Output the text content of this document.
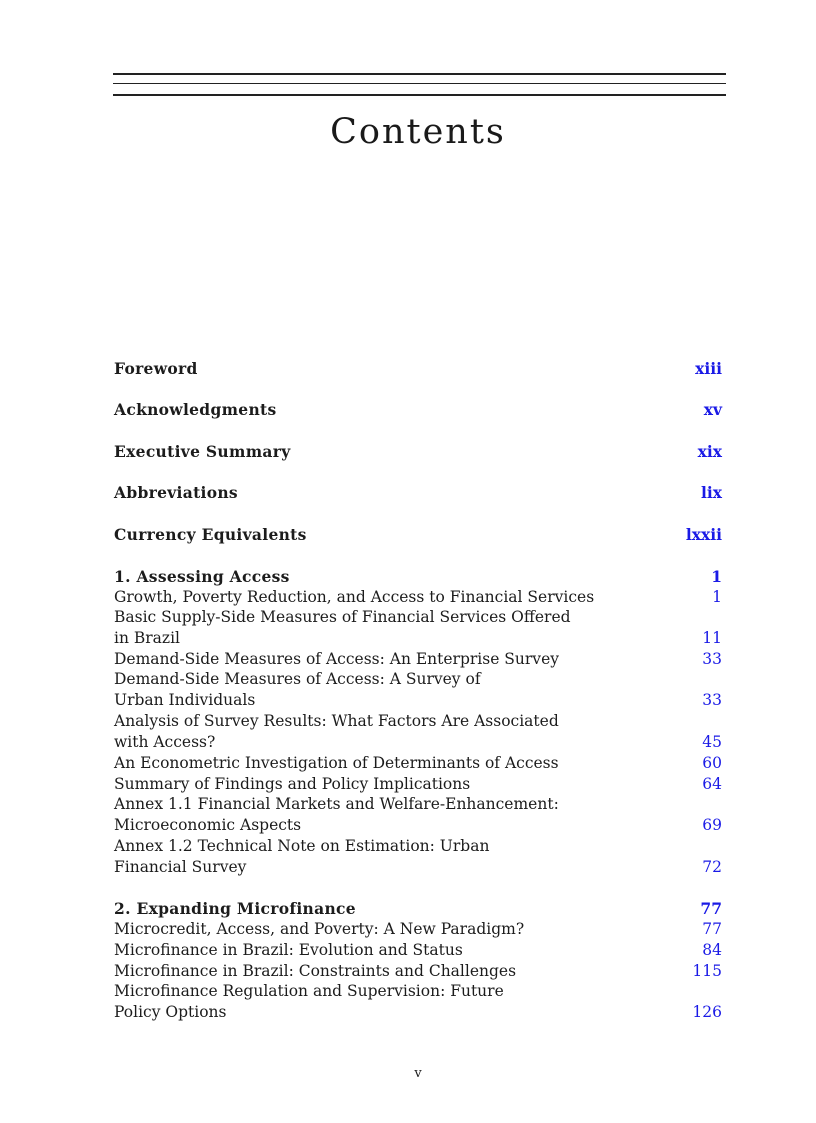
Contents
Foreword	xiii
Acknowledgments	xv
Executive Summary	xix
Abbreviations	lix
Currency Equivalents	lxxii
1. Assessing Access	1
Growth, Poverty Reduction, and Access to Financial Services	1
Basic Supply-Side Measures of Financial Services Offered
in Brazil	11
Demand-Side Measures of Access: An Enterprise Survey	33
Demand-Side Measures of Access: A Survey of
Urban Individuals	33
Analysis of Survey Results: What Factors Are Associated
with Access?	45
An Econometric Investigation of Determinants of Access	60
Summary of Findings and Policy Implications	64
Annex 1.1 Financial Markets and Welfare-Enhancement:
Microeconomic Aspects	69
Annex 1.2 Technical Note on Estimation: Urban
Financial Survey	72
2. Expanding Microfinance	77
Microcredit, Access, and Poverty: A New Paradigm?	77
Microfinance in Brazil: Evolution and Status	84
Microfinance in Brazil: Constraints and Challenges	115
Microfinance Regulation and Supervision: Future
Policy Options	126
v
